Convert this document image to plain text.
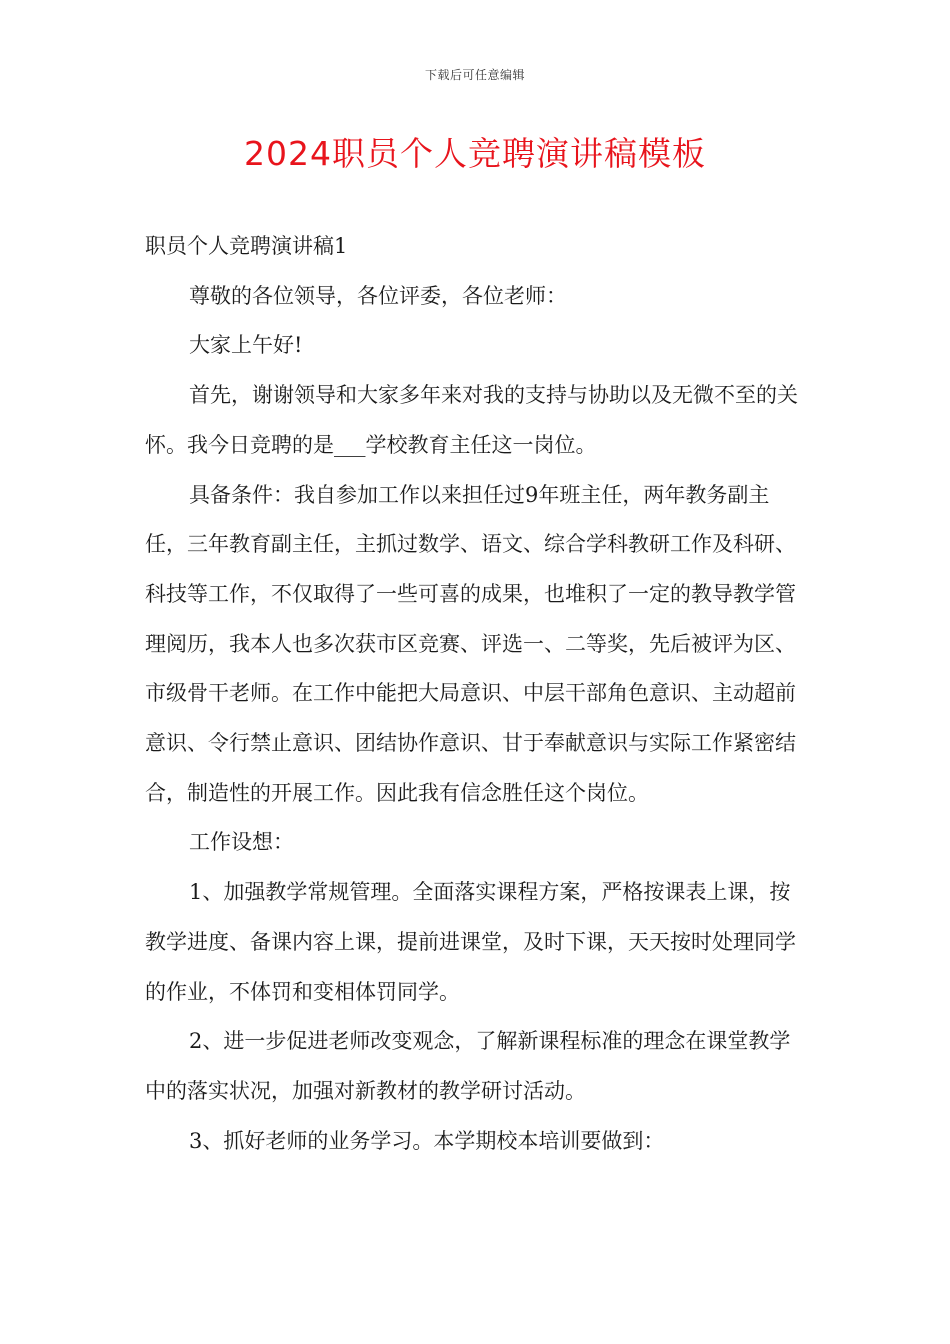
下载后可任意编辑
2024职员个人竞聘演讲稿模板

职员个人竞聘演讲稿1

尊敬的各位领导，各位评委，各位老师：

大家上午好!

首先，谢谢领导和大家多年来对我的支持与协助以及无微不至的关怀。我今日竞聘的是___学校教育主任这一岗位。

具备条件：我自参加工作以来担任过9年班主任，两年教务副主任，三年教育副主任，主抓过数学、语文、综合学科教研工作及科研、科技等工作，不仅取得了一些可喜的成果，也堆积了一定的教导教学管理阅历，我本人也多次获市区竞赛、评选一、二等奖，先后被评为区、市级骨干老师。在工作中能把大局意识、中层干部角色意识、主动超前意识、令行禁止意识、团结协作意识、甘于奉献意识与实际工作紧密结合，制造性的开展工作。因此我有信念胜任这个岗位。

工作设想：

1、加强教学常规管理。全面落实课程方案，严格按课表上课，按教学进度、备课内容上课，提前进课堂，及时下课，天天按时处理同学的作业，不体罚和变相体罚同学。

2、进一步促进老师改变观念，了解新课程标准的理念在课堂教学中的落实状况，加强对新教材的教学研讨活动。

3、抓好老师的业务学习。本学期校本培训要做到：
